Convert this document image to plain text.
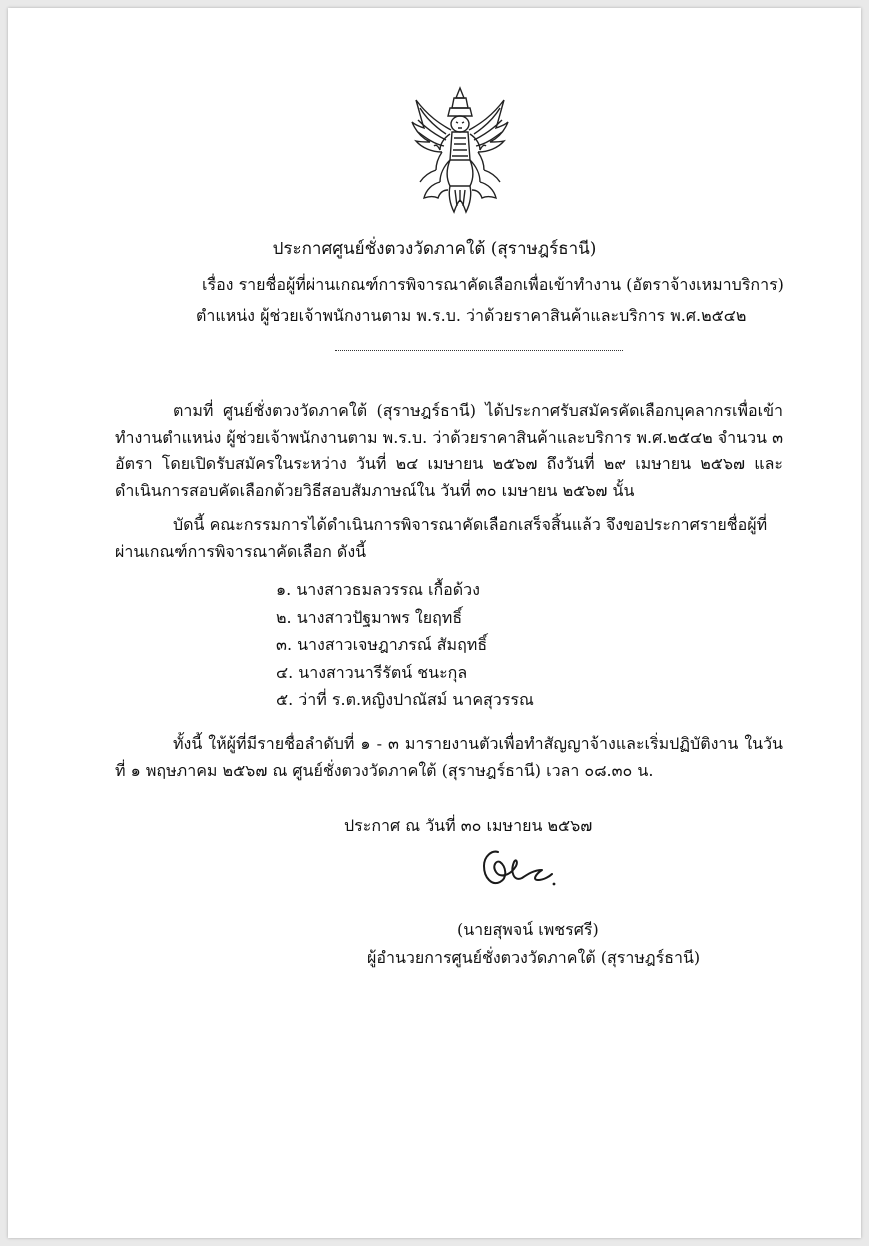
ประกาศศูนย์ชั่งตวงวัดภาคใต้ (สุราษฎร์ธานี)
เรื่อง รายชื่อผู้ที่ผ่านเกณฑ์การพิจารณาคัดเลือกเพื่อเข้าทำงาน (อัตราจ้างเหมาบริการ)
ตำแหน่ง ผู้ช่วยเจ้าพนักงานตาม พ.ร.บ. ว่าด้วยราคาสินค้าและบริการ พ.ศ.๒๕๔๒

ตามที่ ศูนย์ชั่งตวงวัดภาคใต้ (สุราษฎร์ธานี) ได้ประกาศรับสมัครคัดเลือกบุคลากรเพื่อเข้าทำงานตำแหน่ง ผู้ช่วยเจ้าพนักงานตาม พ.ร.บ. ว่าด้วยราคาสินค้าและบริการ พ.ศ.๒๕๔๒ จำนวน ๓ อัตรา โดยเปิดรับสมัครในระหว่าง วันที่ ๒๔ เมษายน ๒๕๖๗ ถึงวันที่ ๒๙ เมษายน ๒๕๖๗ และดำเนินการสอบคัดเลือกด้วยวิธีสอบสัมภาษณ์ใน วันที่ ๓๐ เมษายน ๒๕๖๗ นั้น

บัดนี้ คณะกรรมการได้ดำเนินการพิจารณาคัดเลือกเสร็จสิ้นแล้ว จึงขอประกาศรายชื่อผู้ที่ผ่านเกณฑ์การพิจารณาคัดเลือก ดังนี้

๑. นางสาวธมลวรรณ เกื้อด้วง
๒. นางสาวปัฐมาพร ใยฤทธิ์
๓. นางสาวเจษฎาภรณ์ สัมฤทธิ์
๔. นางสาวนารีรัตน์ ชนะกุล
๕. ว่าที่ ร.ต.หญิงปาณัสม์ นาคสุวรรณ

ทั้งนี้ ให้ผู้ที่มีรายชื่อลำดับที่ ๑ - ๓ มารายงานตัวเพื่อทำสัญญาจ้างและเริ่มปฏิบัติงาน ในวันที่ ๑ พฤษภาคม ๒๕๖๗ ณ ศูนย์ชั่งตวงวัดภาคใต้ (สุราษฎร์ธานี) เวลา ๐๘.๓๐ น.

ประกาศ ณ วันที่ ๓๐ เมษายน ๒๕๖๗
(นายสุพจน์ เพชรศรี)
ผู้อำนวยการศูนย์ชั่งตวงวัดภาคใต้ (สุราษฎร์ธานี)
